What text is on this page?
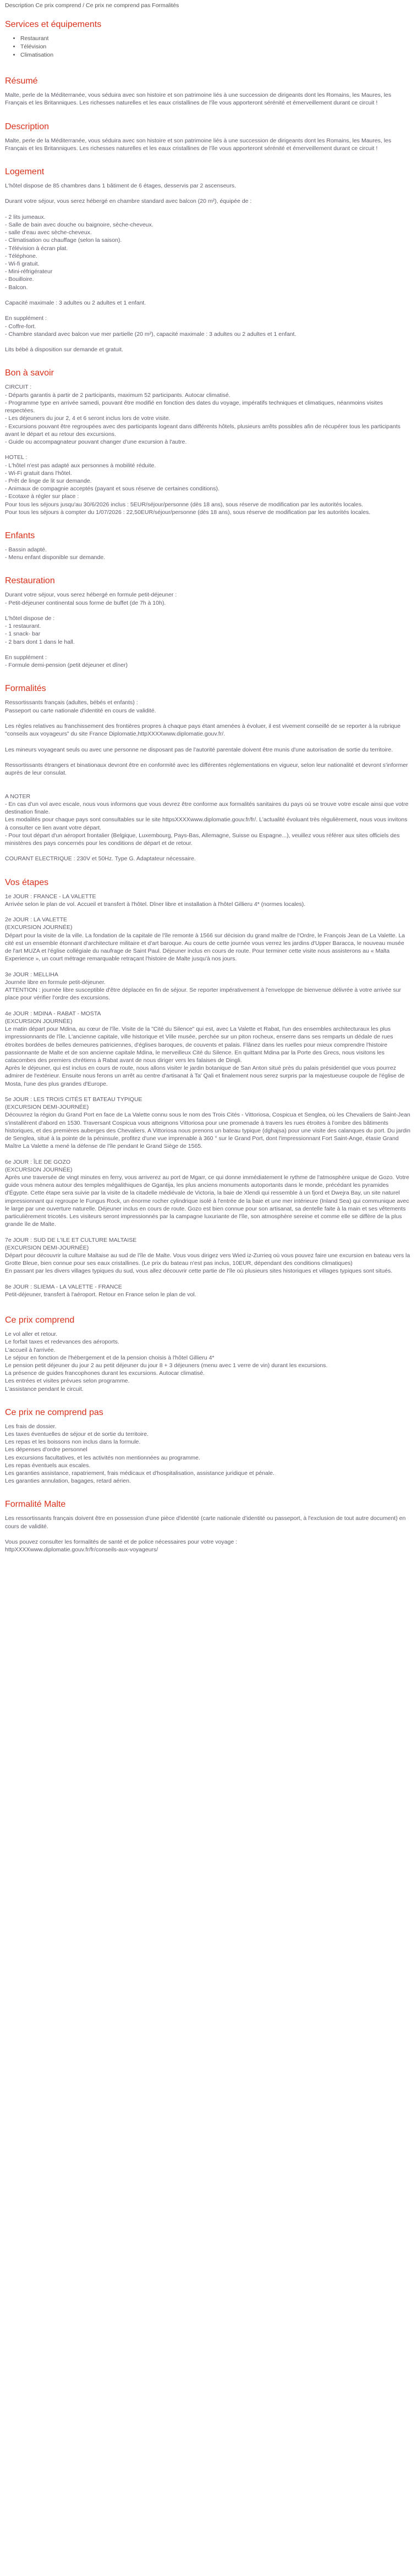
Description Ce prix comprend / Ce prix ne comprend pas Formalités

Services et équipements
• Restaurant
• Télévision
• Climatisation
Résumé

Malte, perle de la Méditerranée, vous séduira avec son histoire et son patrimoine liés à une succession de dirigeants dont les Romains, les Maures, les Français et les Britanniques. Les richesses naturelles et les eaux cristallines de l'île vous apporteront sérénité et émerveillement durant ce circuit !

Description

Malte, perle de la Méditerranée, vous séduira avec son histoire et son patrimoine liés à une succession de dirigeants dont les Romains, les Maures, les Français et les Britanniques. Les richesses naturelles et les eaux cristallines de l'île vous apporteront sérénité et émerveillement durant ce circuit !

Logement

L'hôtel dispose de 85 chambres dans 1 bâtiment de 6 étages, desservis par 2 ascenseurs.

Durant votre séjour, vous serez hébergé en chambre standard avec balcon (20 m²), équipée de :

- 2 lits jumeaux.
- Salle de bain avec douche ou baignoire, sèche-cheveux.
- salle d'eau avec sèche-cheveux.
- Climatisation ou chauffage (selon la saison).
- Télévision à écran plat.
- Téléphone.
- Wi-fi gratuit.
- Mini-réfrigérateur
- Bouilloire.
- Balcon.

Capacité maximale : 3 adultes ou 2 adultes et 1 enfant.

En supplément :
- Coffre-fort.
- Chambre standard avec balcon vue mer partielle (20 m²), capacité maximale : 3 adultes ou 2 adultes et 1 enfant.

Lits bébé à disposition sur demande et gratuit.

Bon à savoir

CIRCUIT :
- Départs garantis à partir de 2 participants, maximum 52 participants. Autocar climatisé.
- Programme type en arrivée samedi, pouvant être modifié en fonction des dates du voyage, impératifs techniques et climatiques, néanmoins visites respectées.
- Les déjeuners du jour 2, 4 et 6 seront inclus lors de votre visite.
- Excursions pouvant être regroupées avec des participants logeant dans différents hôtels, plusieurs arrêts possibles afin de récupérer tous les participants avant le départ et au retour des excursions.
- Guide ou accompagnateur pouvant changer d'une excursion à l'autre.

HOTEL :
- L'hôtel n'est pas adapté aux personnes à mobilité réduite.
- Wi-Fi gratuit dans l'hôtel.
- Prêt de linge de lit sur demande.
- Animaux de compagnie acceptés (payant et sous réserve de certaines conditions).
- Ecotaxe à régler sur place :
Pour tous les séjours jusqu'au 30/6/2026 inclus : 5EUR/séjour/personne (dès 18 ans), sous réserve de modification par les autorités locales.
Pour tous les séjours à compter du 1/07/2026 : 22,50EUR/séjour/personne (dès 18 ans), sous réserve de modification par les autorités locales.

Enfants

- Bassin adapté.
- Menu enfant disponible sur demande.

Restauration

Durant votre séjour, vous serez hébergé en formule petit-déjeuner :
- Petit-déjeuner continental sous forme de buffet (de 7h à 10h).

L'hôtel dispose de :
- 1 restaurant.
- 1 snack- bar
- 2 bars dont 1 dans le hall.

En supplément :
- Formule demi-pension (petit déjeuner et dîner)

Formalités

Ressortissants français (adultes, bébés et enfants) :
Passeport ou carte nationale d'identité en cours de validité.

Les règles relatives au franchissement des frontières propres à chaque pays étant amenées à évoluer, il est vivement conseillé de se reporter à la rubrique "conseils aux voyageurs" du site France Diplomatie,httpXXXXwww.diplomatie.gouv.fr/.

Les mineurs voyageant seuls ou avec une personne ne disposant pas de l'autorité parentale doivent être munis d'une autorisation de sortie du territoire.

Ressortissants étrangers et binationaux devront être en conformité avec les différentes réglementations en vigueur, selon leur nationalité et devront s'informer auprès de leur consulat.

A NOTER
- En cas d'un vol avec escale, nous vous informons que vous devrez être conforme aux formalités sanitaires du pays où se trouve votre escale ainsi que votre destination finale.
Les modalités pour chaque pays sont consultables sur le site httpsXXXXwww.diplomatie.gouv.fr/fr/. L'actualité évoluant très régulièrement, nous vous invitons à consulter ce lien avant votre départ.
- Pour tout départ d'un aéroport frontalier (Belgique, Luxembourg, Pays-Bas, Allemagne, Suisse ou Espagne...), veuillez vous référer aux sites officiels des ministères des pays concernés pour les conditions de départ et de retour.

COURANT ELECTRIQUE : 230V et 50Hz. Type G. Adaptateur nécessaire.

Vos étapes

1e JOUR : FRANCE - LA VALETTE
Arrivée selon le plan de vol. Accueil et transfert à l'hôtel. Dîner libre et installation à l'hôtel Gillieru 4* (normes locales).

2e JOUR : LA VALETTE
(EXCURSION JOURNÉE)
Départ pour la visite de la ville. La fondation de la capitale de l'île remonte à 1566 sur décision du grand maître de l'Ordre, le François Jean de La Valette. La cité est un ensemble étonnant d'architecture militaire et d'art baroque. Au cours de cette journée vous verrez les jardins d'Upper Baracca, le nouveau musée de l'art MUZA et l'église collégiale du naufrage de Saint Paul. Déjeuner inclus en cours de route. Pour terminer cette visite nous assisterons au « Malta Experience », un court métrage remarquable retraçant l'histoire de Malte jusqu'à nos jours.

3e JOUR : MELLIHA
Journée libre en formule petit-déjeuner.
ATTENTION : journée libre susceptible d'être déplacée en fin de séjour. Se reporter impérativement à l'enveloppe de bienvenue délivrée à votre arrivée sur place pour vérifier l'ordre des excursions.

4e JOUR : MDINA - RABAT - MOSTA
(EXCURSION JOURNÉE)
Le matin départ pour Mdina, au cœur de l'île. Visite de la "Cité du Silence" qui est, avec La Valette et Rabat, l'un des ensembles architecturaux les plus impressionnants de l'île. L'ancienne capitale, ville historique et Ville musée, perchée sur un piton rocheux, enserre dans ses remparts un dédale de rues étroites bordées de belles demeures patriciennes, d'églises baroques, de couvents et palais. Flânez dans les ruelles pour mieux comprendre l'histoire passionnante de Malte et de son ancienne capitale Mdina, le merveilleux Cité du Silence. En quittant Mdina par la Porte des Grecs, nous visitons les catacombes des premiers chrétiens à Rabat avant de nous diriger vers les falaises de Dingli.
Après le déjeuner, qui est inclus en cours de route, nous allons visiter le jardin botanique de San Anton situé près du palais présidentiel que vous pourrez admirer de l'extérieur. Ensuite nous ferons un arrêt au centre d'artisanat à Ta' Qali et finalement nous serez surpris par la majestueuse coupole de l'église de Mosta, l'une des plus grandes d'Europe.

5e JOUR : LES TROIS CITÉS ET BATEAU TYPIQUE
(EXCURSION DEMI-JOURNÉE)
Découvrez la région du Grand Port en face de La Valette connu sous le nom des Trois Cités - Vittoriosa, Cospicua et Senglea, où les Chevaliers de Saint-Jean s'installèrent d'abord en 1530. Traversant Cospicua vous atteignons Vittoriosa pour une promenade à travers les rues étroites à l'ombre des bâtiments historiques, et des premières auberges des Chevaliers. A Vittoriosa nous prenons un bateau typique (dghajsa) pour une visite des calanques du port. Du jardin de Senglea, situé à la pointe de la péninsule, profitez d'une vue imprenable à 360 ° sur le Grand Port, dont l'impressionnant Fort Saint-Ange, étasie Grand Maître La Valette a mené la défense de l'île pendant le Grand Siège de 1565.

6e JOUR : ÎLE DE GOZO
(EXCURSION JOURNÉE)
Après une traversée de vingt minutes en ferry, vous arriverez au port de Mgarr, ce qui donne immédiatement le rythme de l'atmosphère unique de Gozo. Votre guide vous mènera autour des temples mégalithiques de Ggantija, les plus anciens monuments autoportants dans le monde, précédant les pyramides d'Égypte. Cette étape sera suivie par la visite de la citadelle médiévale de Victoria, la baie de Xlendi qui ressemble à un fjord et Dwejra Bay, un site naturel impressionnant qui regroupe le Fungus Rock, un énorme rocher cylindrique isolé à l'entrée de la baie et une mer intérieure (Inland Sea) qui communique avec le large par une ouverture naturelle. Déjeuner inclus en cours de route. Gozo est bien connue pour son artisanat, sa dentelle faite à la main et ses vêtements particulièrement tricotés. Les visiteurs seront impressionnés par la campagne luxuriante de l'île, son atmosphère sereine et comme elle se diffère de la plus grande île de Malte.

7e JOUR : SUD DE L'ILE ET CULTURE MALTAISE
(EXCURSION DEMI-JOURNÉE)
Départ pour découvrir la culture Maltaise au sud de l'île de Malte. Vous vous dirigez vers Wied iz-Zurrieq où vous pouvez faire une excursion en bateau vers la Grotte Bleue, bien connue pour ses eaux cristallines. (Le prix du bateau n'est pas inclus, 10EUR, dépendant des conditions climatiques)
En passant par les divers villages typiques du sud, vous allez découvrir cette partie de l'île où plusieurs sites historiques et villages typiques sont situés.

8e JOUR : SLIEMA - LA VALETTE - FRANCE
Petit-déjeuner, transfert à l'aéroport. Retour en France selon le plan de vol.

Ce prix comprend

Le vol aller et retour.
Le forfait taxes et redevances des aéroports.
L'accueil à l'arrivée.
Le séjour en fonction de l'hébergement et de la pension choisis à l'hôtel Gillieru 4*
Le pension petit déjeuner du jour 2 au petit déjeuner du jour 8 + 3 déjeuners (menu avec 1 verre de vin) durant les excursions.
La présence de guides francophones durant les excursions. Autocar climatisé.
Les entrées et visites prévues selon programme.
L'assistance pendant le circuit.

Ce prix ne comprend pas

Les frais de dossier.
Les taxes éventuelles de séjour et de sortie du territoire.
Les repas et les boissons non inclus dans la formule.
Les dépenses d'ordre personnel
Les excursions facultatives, et les activités non mentionnées au programme.
Les repas éventuels aux escales.
Les garanties assistance, rapatriement, frais médicaux et d'hospitalisation, assistance juridique et pénale.
Les garanties annulation, bagages, retard aérien.

Formalité Malte

Les ressortissants français doivent être en possession d'une pièce d'identité (carte nationale d'identité ou passeport, à l'exclusion de tout autre document) en cours de validité.

Vous pouvez consulter les formalités de santé et de police nécessaires pour votre voyage :
httpXXXXwww.diplomatie.gouv.fr/fr/conseils-aux-voyageurs/
